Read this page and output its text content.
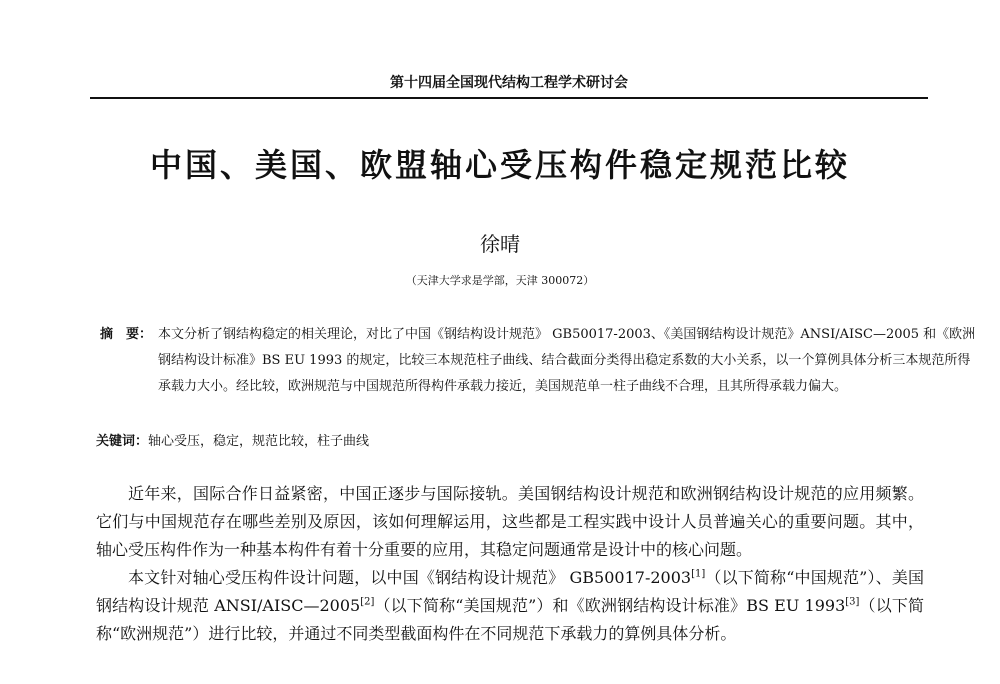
第十四届全国现代结构工程学术研讨会
中国、美国、欧盟轴心受压构件稳定规范比较
徐晴
（天津大学求是学部，天津 300072）
摘　要： 本文分析了钢结构稳定的相关理论，对比了中国《钢结构设计规范》 GB50017-2003、《美国钢结构设计规范》ANSI/AISC—2005 和《欧洲钢结构设计标准》BS EU 1993 的规定，比较三本规范柱子曲线、结合截面分类得出稳定系数的大小关系，以一个算例具体分析三本规范所得承载力大小。经比较，欧洲规范与中国规范所得构件承载力接近，美国规范单一柱子曲线不合理，且其所得承载力偏大。
关键词：轴心受压，稳定，规范比较，柱子曲线

近年来，国际合作日益紧密，中国正逐步与国际接轨。美国钢结构设计规范和欧洲钢结构设计规范的应用频繁。它们与中国规范存在哪些差别及原因，该如何理解运用，这些都是工程实践中设计人员普遍关心的重要问题。其中，轴心受压构件作为一种基本构件有着十分重要的应用，其稳定问题通常是设计中的核心问题。

本文针对轴心受压构件设计问题，以中国《钢结构设计规范》 GB50017-2003[1]（以下简称“中国规范”）、美国钢结构设计规范 ANSI/AISC—2005[2]（以下简称“美国规范”）和《欧洲钢结构设计标准》BS EU 1993[3]（以下简称“欧洲规范”）进行比较，并通过不同类型截面构件在不同规范下承载力的算例具体分析。
